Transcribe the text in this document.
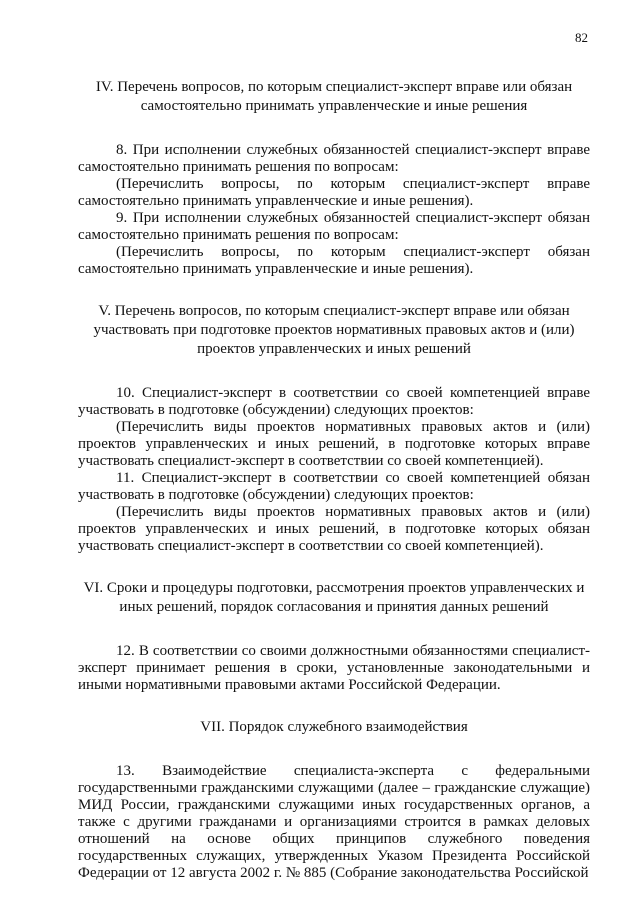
82

IV. Перечень вопросов, по которым специалист-эксперт вправе или обязан самостоятельно принимать управленческие и иные решения

8. При исполнении служебных обязанностей специалист-эксперт вправе самостоятельно принимать решения по вопросам:

(Перечислить вопросы, по которым специалист-эксперт вправе самостоятельно принимать управленческие и иные решения).

9. При исполнении служебных обязанностей специалист-эксперт обязан самостоятельно принимать решения по вопросам:

(Перечислить вопросы, по которым специалист-эксперт обязан самостоятельно принимать управленческие и иные решения).

V. Перечень вопросов, по которым специалист-эксперт вправе или обязан участвовать при подготовке проектов нормативных правовых актов и (или) проектов управленческих и иных решений

10. Специалист-эксперт в соответствии со своей компетенцией вправе участвовать в подготовке (обсуждении) следующих проектов:

(Перечислить виды проектов нормативных правовых актов и (или) проектов управленческих и иных решений, в подготовке которых вправе участвовать специалист-эксперт в соответствии со своей компетенцией).

11. Специалист-эксперт в соответствии со своей компетенцией обязан участвовать в подготовке (обсуждении) следующих проектов:

(Перечислить виды проектов нормативных правовых актов и (или) проектов управленческих и иных решений, в подготовке которых обязан участвовать специалист-эксперт в соответствии со своей компетенцией).

VI. Сроки и процедуры подготовки, рассмотрения проектов управленческих и иных решений, порядок согласования и принятия данных решений

12. В соответствии со своими должностными обязанностями специалист-эксперт принимает решения в сроки, установленные законодательными и иными нормативными правовыми актами Российской Федерации.

VII. Порядок служебного взаимодействия

13. Взаимодействие специалиста-эксперта с федеральными государственными гражданскими служащими (далее – гражданские служащие) МИД России, гражданскими служащими иных государственных органов, а также с другими гражданами и организациями строится в рамках деловых отношений на основе общих принципов служебного поведения государственных служащих, утвержденных Указом Президента Российской Федерации от 12 августа 2002 г. № 885 (Собрание законодательства Российской
